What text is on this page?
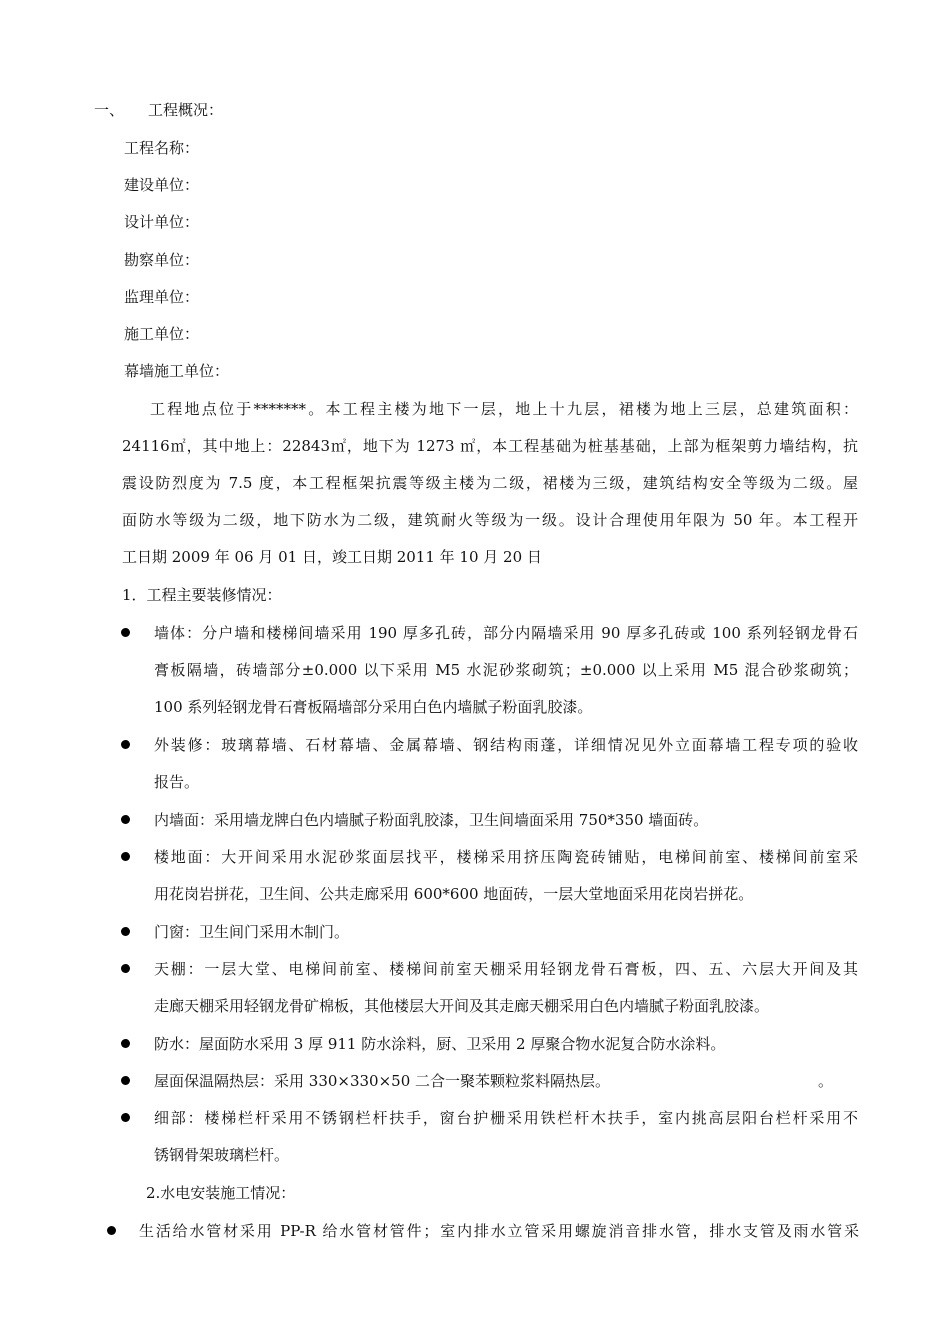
一、 工程概况：
工程名称：
建设单位：
设计单位：
勘察单位：
监理单位：
施工单位：
幕墙施工单位：
工程地点位于*******。本工程主楼为地下一层，地上十九层，裙楼为地上三层，总建筑面积：
24116㎡，其中地上：22843㎡，地下为 1273 ㎡，本工程基础为桩基基础，上部为框架剪力墙结构，抗
震设防烈度为 7.5 度，本工程框架抗震等级主楼为二级，裙楼为三级，建筑结构安全等级为二级。屋
面防水等级为二级，地下防水为二级，建筑耐火等级为一级。设计合理使用年限为 50 年。本工程开
工日期 2009 年 06 月 01 日，竣工日期 2011 年 10 月 20 日
1．工程主要装修情况：
墙体：分户墙和楼梯间墙采用 190 厚多孔砖，部分内隔墙采用 90 厚多孔砖或 100 系列轻钢龙骨石
膏板隔墙，砖墙部分±0.000 以下采用 M5 水泥砂浆砌筑；±0.000 以上采用 M5 混合砂浆砌筑；
100 系列轻钢龙骨石膏板隔墙部分采用白色内墙腻子粉面乳胶漆。
外装修：玻璃幕墙、石材幕墙、金属幕墙、钢结构雨蓬，详细情况见外立面幕墙工程专项的验收
报告。
内墙面：采用墙龙牌白色内墙腻子粉面乳胶漆，卫生间墙面采用 750*350 墙面砖。
楼地面：大开间采用水泥砂浆面层找平，楼梯采用挤压陶瓷砖铺贴，电梯间前室、楼梯间前室采
用花岗岩拼花，卫生间、公共走廊采用 600*600 地面砖，一层大堂地面采用花岗岩拼花。
门窗：卫生间门采用木制门。
天棚：一层大堂、电梯间前室、楼梯间前室天棚采用轻钢龙骨石膏板，四、五、六层大开间及其
走廊天棚采用轻钢龙骨矿棉板，其他楼层大开间及其走廊天棚采用白色内墙腻子粉面乳胶漆。
防水：屋面防水采用 3 厚 911 防水涂料，厨、卫采用 2 厚聚合物水泥复合防水涂料。
屋面保温隔热层：采用 330×330×50 二合一聚苯颗粒浆料隔热层。	。
细部：楼梯栏杆采用不锈钢栏杆扶手，窗台护栅采用铁栏杆木扶手，室内挑高层阳台栏杆采用不
锈钢骨架玻璃栏杆。
2.水电安装施工情况：
生活给水管材采用 PP-R 给水管材管件；室内排水立管采用螺旋消音排水管，排水支管及雨水管采
